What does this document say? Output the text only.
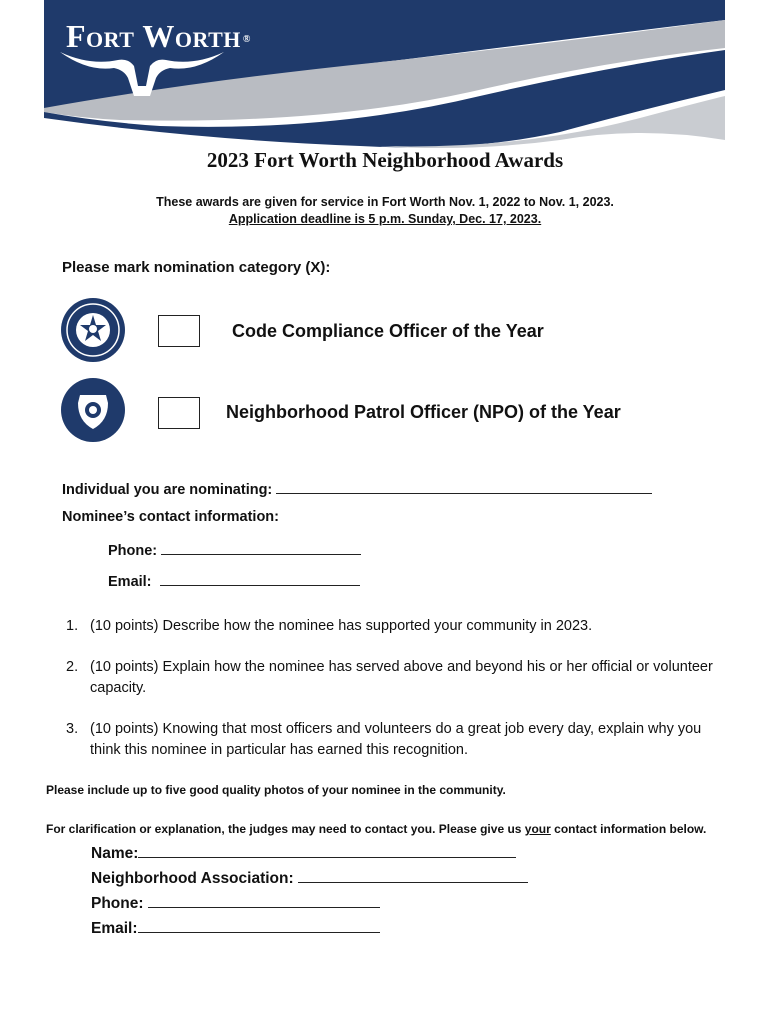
Fort Worth ®
2023 Fort Worth Neighborhood Awards
These awards are given for service in Fort Worth Nov. 1, 2022 to Nov. 1, 2023.
Application deadline is 5 p.m. Sunday, Dec. 17, 2023.
Please mark nomination category (X):
Code Compliance Officer of the Year
Neighborhood Patrol Officer (NPO) of the Year
Individual you are nominating:
Nominee’s contact information:
Phone:
Email:
1. (10 points) Describe how the nominee has supported your community in 2023.
2. (10 points) Explain how the nominee has served above and beyond his or her official or volunteer capacity.
3. (10 points) Knowing that most officers and volunteers do a great job every day, explain why you think this nominee in particular has earned this recognition.
Please include up to five good quality photos of your nominee in the community.
For clarification or explanation, the judges may need to contact you. Please give us your contact information below.
Name:
Neighborhood Association:
Phone:
Email:
